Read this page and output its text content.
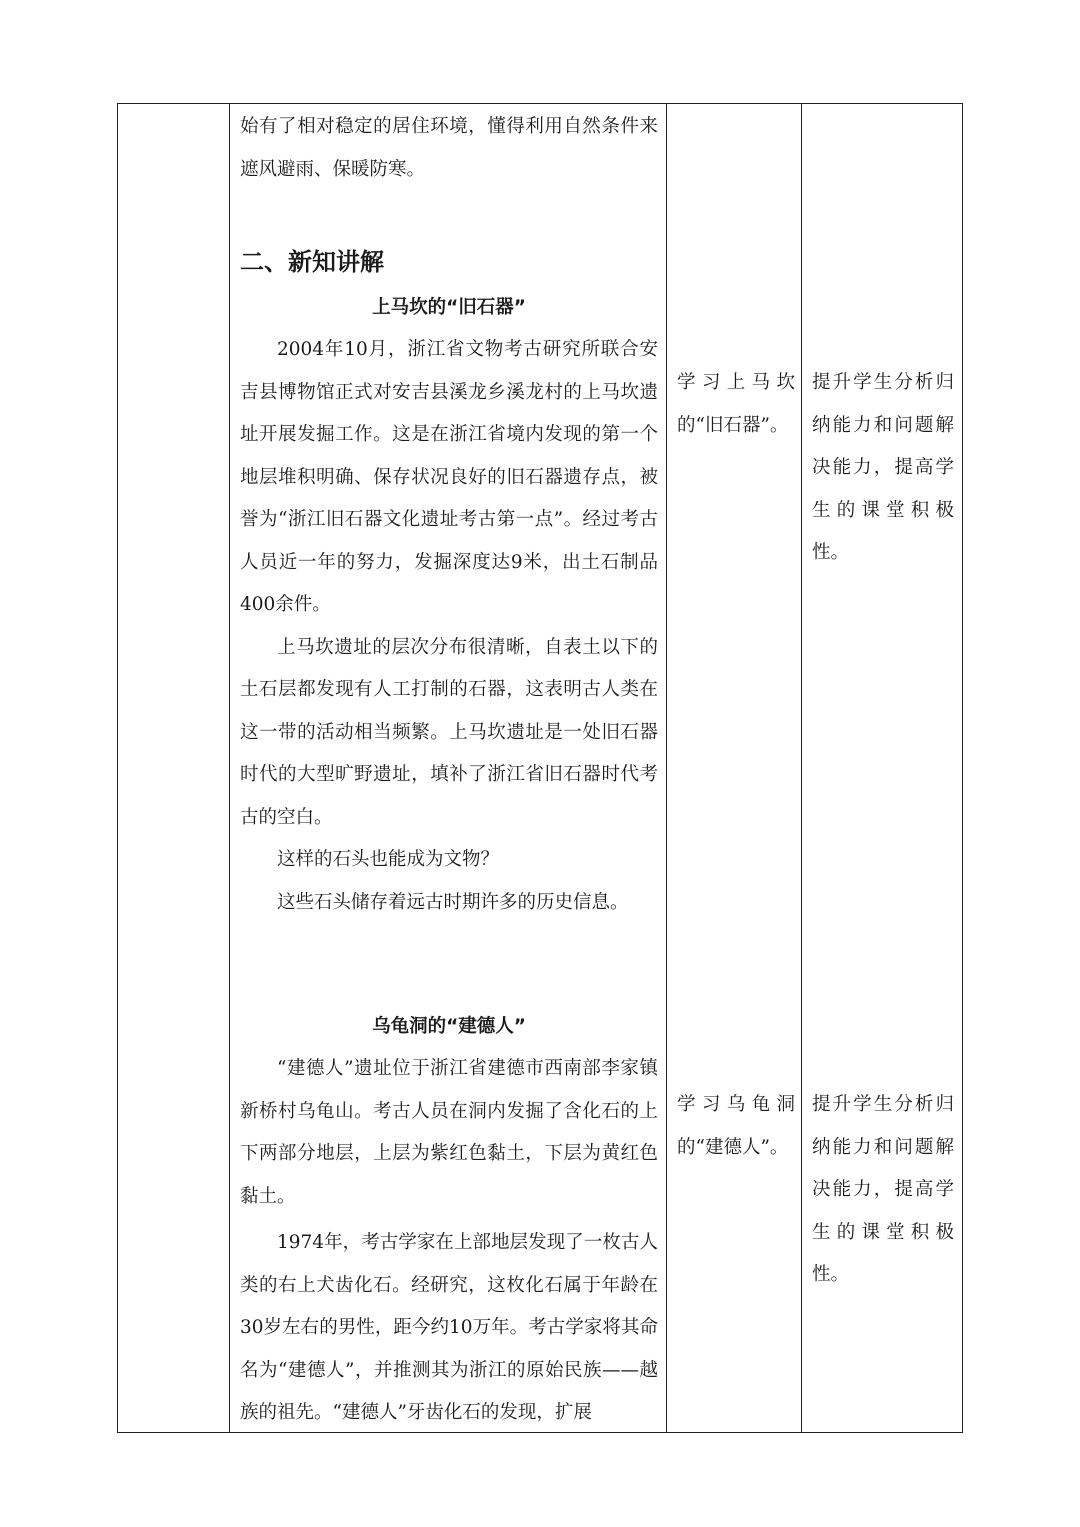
始有了相对稳定的居住环境，懂得利用自然条件来遮风避雨、保暖防寒。

二、新知讲解

上马坎的“旧石器”

2004年10月，浙江省文物考古研究所联合安吉县博物馆正式对安吉县溪龙乡溪龙村的上马坎遗址开展发掘工作。这是在浙江省境内发现的第一个地层堆积明确、保存状况良好的旧石器遗存点，被誉为“浙江旧石器文化遗址考古第一点”。经过考古人员近一年的努力，发掘深度达9米，出土石制品400余件。

上马坎遗址的层次分布很清晰，自表土以下的土石层都发现有人工打制的石器，这表明古人类在这一带的活动相当频繁。上马坎遗址是一处旧石器时代的大型旷野遗址，填补了浙江省旧石器时代考古的空白。

这样的石头也能成为文物？

这些石头储存着远古时期许多的历史信息。

乌龟洞的“建德人”

“建德人”遗址位于浙江省建德市西南部李家镇新桥村乌龟山。考古人员在洞内发掘了含化石的上下两部分地层，上层为紫红色黏土，下层为黄红色黏土。

1974年，考古学家在上部地层发现了一枚古人类的右上犬齿化石。经研究，这枚化石属于年龄在30岁左右的男性，距今约10万年。考古学家将其命名为“建德人”，并推测其为浙江的原始民族——越族的祖先。“建德人”牙齿化石的发现，扩展

学习上马坎的“旧石器”。
学习乌龟洞的“建德人”。
提升学生分析归纳能力和问题解决能力，提高学生的课堂积极性。
提升学生分析归纳能力和问题解决能力，提高学生的课堂积极性。
